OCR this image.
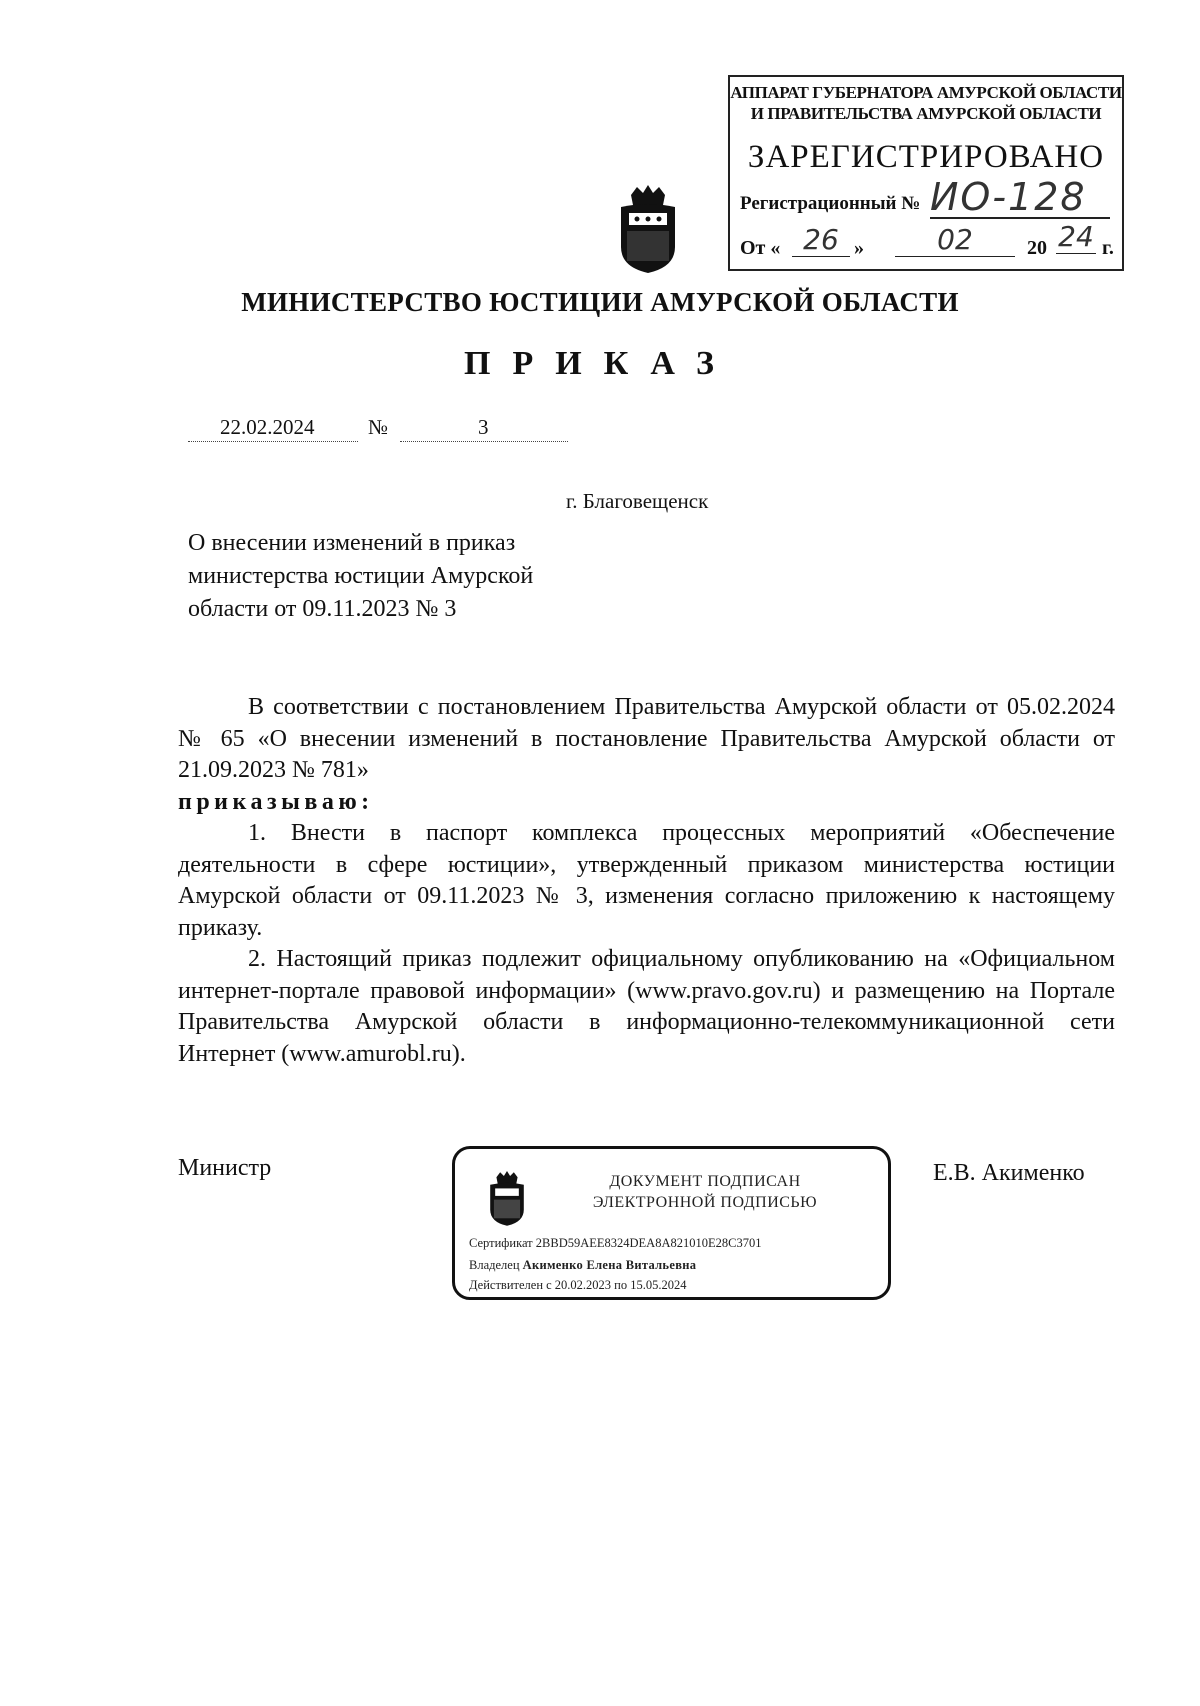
АППАРАТ ГУБЕРНАТОРА АМУРСКОЙ ОБЛАСТИ
И ПРАВИТЕЛЬСТВА АМУРСКОЙ ОБЛАСТИ
ЗАРЕГИСТРИРОВАНО
Регистрационный № ИО-128
От « 26 »	02	20 24 г.
МИНИСТЕРСТВО ЮСТИЦИИ АМУРСКОЙ ОБЛАСТИ
ПРИКАЗ
22.02.2024	№	3
г. Благовещенск
О внесении изменений в приказ министерства юстиции Амурской области от 09.11.2023 № 3

В соответствии с постановлением Правительства Амурской области от 05.02.2024 № 65 «О внесении изменений в постановление Правительства Амурской области от 21.09.2023 № 781»

приказываю:

1. Внести в паспорт комплекса процессных мероприятий «Обеспечение деятельности в сфере юстиции», утвержденный приказом министерства юстиции Амурской области от 09.11.2023 № 3, изменения согласно приложению к настоящему приказу.

2. Настоящий приказ подлежит официальному опубликованию на «Официальном интернет-портале правовой информации» (www.pravo.gov.ru) и размещению на Портале Правительства Амурской области в информационно-телекоммуникационной сети Интернет (www.amurobl.ru).

Министр
ДОКУМЕНТ ПОДПИСАН
ЭЛЕКТРОННОЙ ПОДПИСЬЮ
Сертификат 2BBD59AEE8324DEA8A821010E28C3701
Владелец Акименко Елена Витальевна
Действителен с 20.02.2023 по 15.05.2024
Е.В. Акименко
